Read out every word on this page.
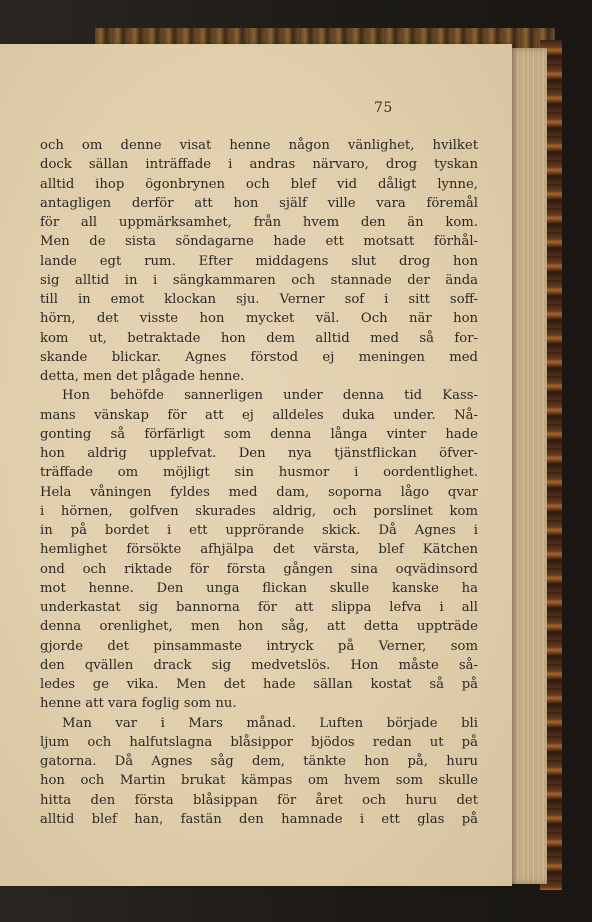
75
och om denne visat henne någon vänlighet, hvilket
dock sällan inträffade i andras närvaro, drog tyskan
alltid ihop ögonbrynen och blef vid dåligt lynne,
antagligen derför att hon själf ville vara föremål
för all uppmärksamhet, från hvem den än kom.
Men de sista söndagarne hade ett motsatt förhål-
lande egt rum. Efter middagens slut drog hon
sig alltid in i sängkammaren och stannade der ända
till in emot klockan sju. Verner sof i sitt soff-
hörn, det visste hon mycket väl. Och när hon
kom ut, betraktade hon dem alltid med så for-
skande blickar. Agnes förstod ej meningen med
detta, men det plågade henne.
Hon behöfde sannerligen under denna tid Kass-
mans vänskap för att ej alldeles duka under. Nå-
gonting så förfärligt som denna långa vinter hade
hon aldrig upplefvat. Den nya tjänstflickan öfver-
träffade om möjligt sin husmor i oordentlighet.
Hela våningen fyldes med dam, soporna lågo qvar
i hörnen, golfven skurades aldrig, och porslinet kom
in på bordet i ett upprörande skick. Då Agnes i
hemlighet försökte afhjälpa det värsta, blef Kätchen
ond och riktade för första gången sina oqvädinsord
mot henne. Den unga flickan skulle kanske ha
underkastat sig bannorna för att slippa lefva i all
denna orenlighet, men hon såg, att detta uppträde
gjorde det pinsammaste intryck på Verner, som
den qvällen drack sig medvetslös. Hon måste så-
ledes ge vika. Men det hade sällan kostat så på
henne att vara foglig som nu.
Man var i Mars månad. Luften började bli
ljum och halfutslagna blåsippor bjödos redan ut på
gatorna. Då Agnes såg dem, tänkte hon på, huru
hon och Martin brukat kämpas om hvem som skulle
hitta den första blåsippan för året och huru det
alltid blef han, fastän den hamnade i ett glas på
